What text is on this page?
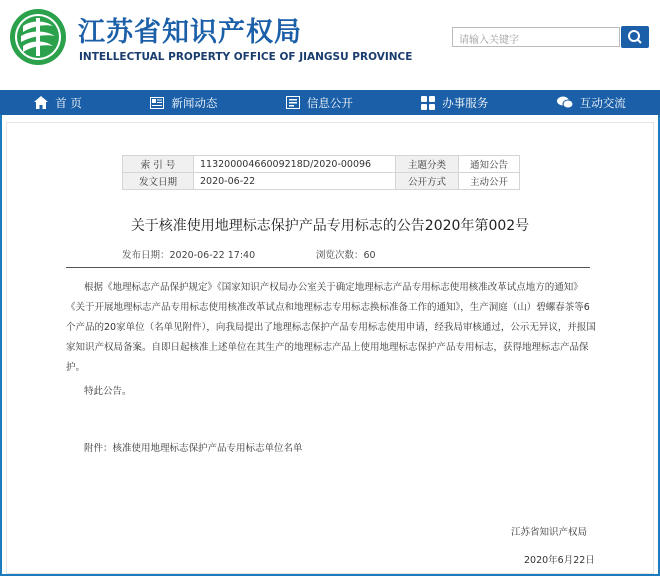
江苏省知识产权局
INTELLECTUAL PROPERTY OFFICE OF JIANGSU PROVINCE
请输入关键字
首 页	新闻动态	信息公开	办事服务	互动交流
索 引 号	11320000466009218D/2020-00096	主题分类	通知公告
发文日期	2020-06-22	公开方式	主动公开
关于核准使用地理标志保护产品专用标志的公告2020年第002号
发布日期：2020-06-22 17:40	浏览次数：60

根据《地理标志产品保护规定》《国家知识产权局办公室关于确定地理标志产品专用标志使用核准改革试点地方的通知》《关于开展地理标志产品专用标志使用核准改革试点和地理标志专用标志换标准备工作的通知》，生产洞庭（山）碧螺春茶等6个产品的20家单位（名单见附件），向我局提出了地理标志保护产品专用标志使用申请，经我局审核通过，公示无异议，并报国家知识产权局备案。自即日起核准上述单位在其生产的地理标志产品上使用地理标志保护产品专用标志，获得地理标志产品保护。

特此公告。
附件：核准使用地理标志保护产品专用标志单位名单
江苏省知识产权局
2020年6月22日
